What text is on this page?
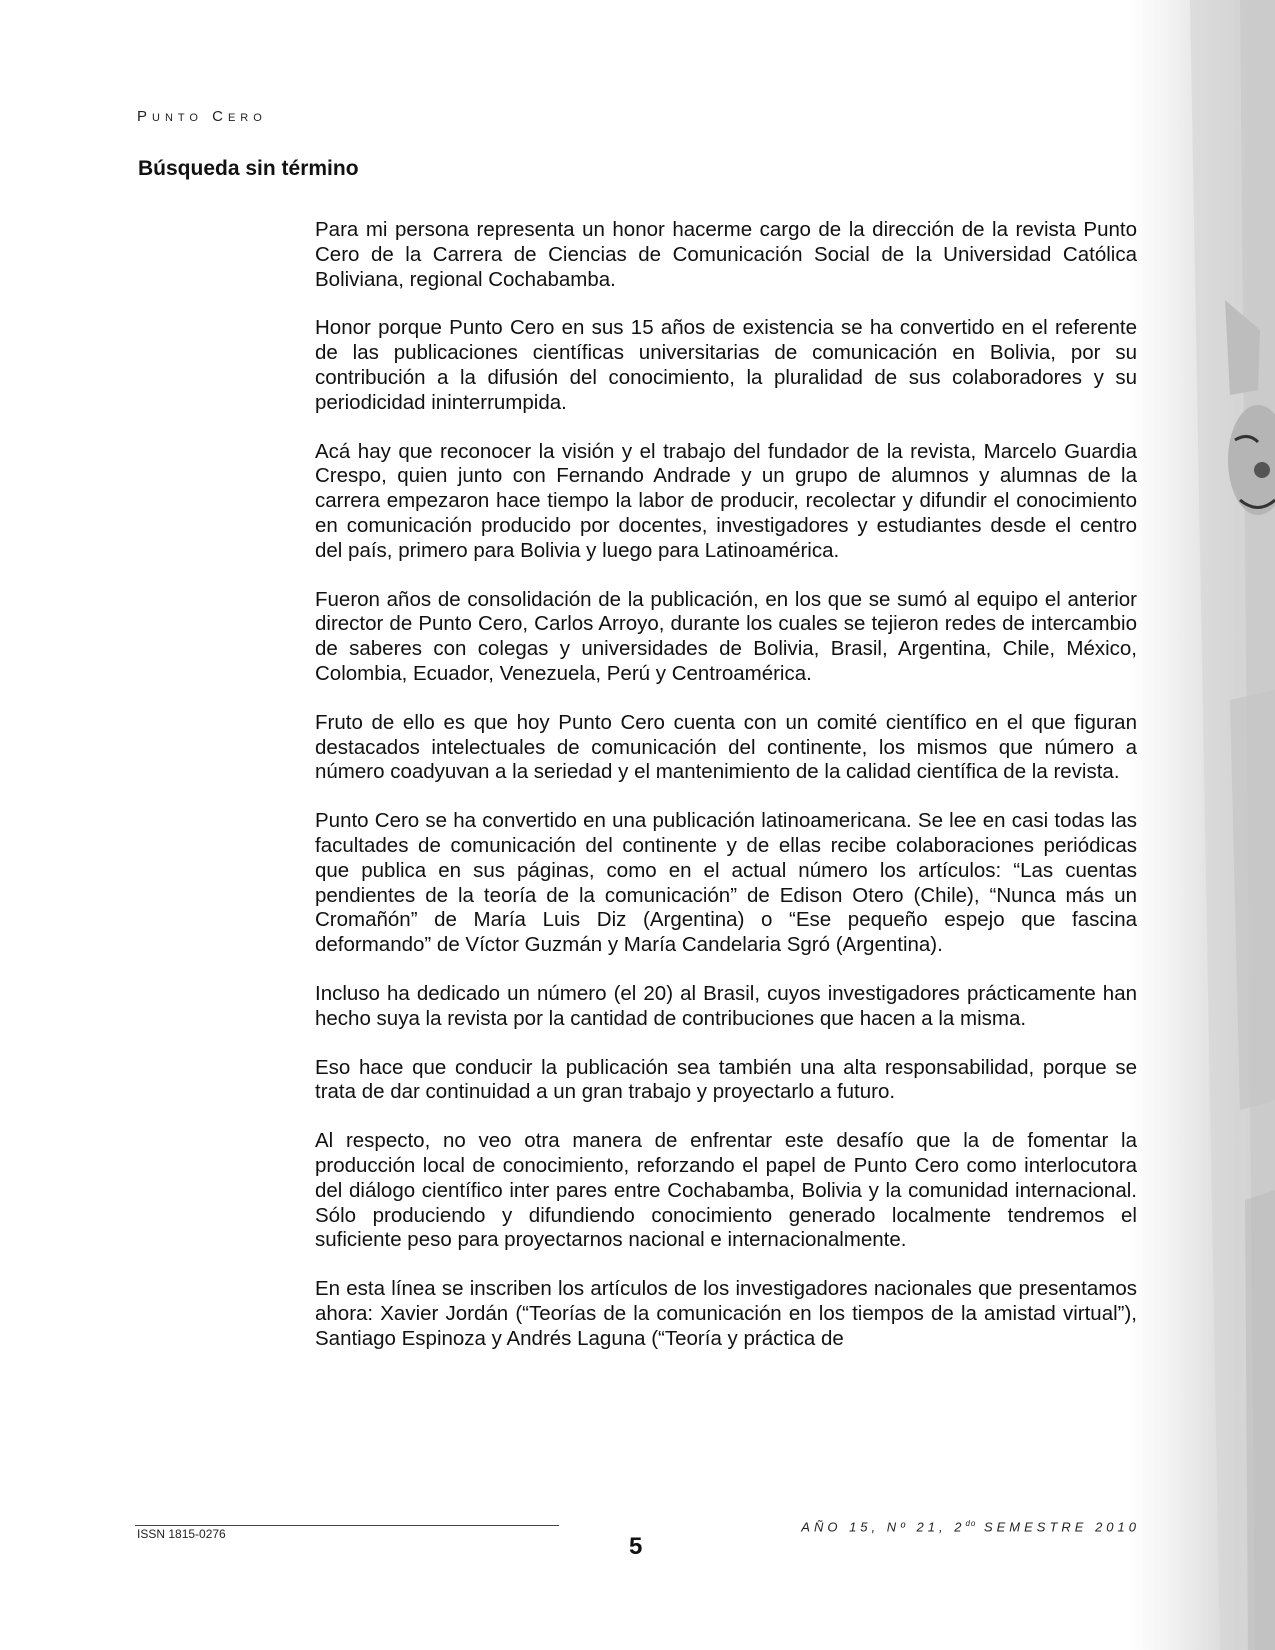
Punto Cero
Búsqueda sin término

Para mi persona representa un honor hacerme cargo de la dirección de la revista Punto Cero de la Carrera de Ciencias de Comunicación Social de la Universidad Católica Boliviana, regional Cochabamba.

Honor porque Punto Cero en sus 15 años de existencia se ha convertido en el referente de las publicaciones científicas universitarias de comunicación en Bolivia, por su contribución a la difusión del conocimiento, la pluralidad de sus colaboradores y su periodicidad ininterrumpida.

Acá hay que reconocer la visión y el trabajo del fundador de la revista, Marcelo Guardia Crespo, quien junto con Fernando Andrade y un grupo de alumnos y alumnas de la carrera empezaron hace tiempo la labor de producir, recolectar y difundir el conocimiento en comunicación producido por docentes, investigadores y estudiantes desde el centro del país, primero para Bolivia y luego para Latinoamérica.

Fueron años de consolidación de la publicación, en los que se sumó al equipo el anterior director de Punto Cero, Carlos Arroyo, durante los cuales se tejieron redes de intercambio de saberes con colegas y universidades de Bolivia, Brasil, Argentina, Chile, México, Colombia, Ecuador, Venezuela, Perú y Centroamérica.

Fruto de ello es que hoy Punto Cero cuenta con un comité científico en el que figuran destacados intelectuales de comunicación del continente, los mismos que número a número coadyuvan a la seriedad y el mantenimiento de la calidad científica de la revista.

Punto Cero se ha convertido en una publicación latinoamericana. Se lee en casi todas las facultades de comunicación del continente y de ellas recibe colaboraciones periódicas que publica en sus páginas, como en el actual número los artículos: “Las cuentas pendientes de la teoría de la comunicación” de Edison Otero (Chile), “Nunca más un Cromañón” de María Luis Diz (Argentina) o “Ese pequeño espejo que fascina deformando” de Víctor Guzmán y María Candelaria Sgró (Argentina).

Incluso ha dedicado un número (el 20) al Brasil, cuyos investigadores prácticamente han hecho suya la revista por la cantidad de contribuciones que hacen a la misma.

Eso hace que conducir la publicación sea también una alta responsabilidad, porque se trata de dar continuidad a un gran trabajo y proyectarlo a futuro.

Al respecto, no veo otra manera de enfrentar este desafío que la de fomentar la producción local de conocimiento, reforzando el papel de Punto Cero como interlocutora del diálogo científico inter pares entre Cochabamba, Bolivia y la comunidad internacional. Sólo produciendo y difundiendo conocimiento generado localmente tendremos el suficiente peso para proyectarnos nacional e internacionalmente.

En esta línea se inscriben los artículos de los investigadores nacionales que presentamos ahora: Xavier Jordán (“Teorías de la comunicación en los tiempos de la amistad virtual”), Santiago Espinoza y Andrés Laguna (“Teoría y práctica de

ISSN 1815-0276	5
AÑO 15, Nº 21, $2^{do}$ SEMESTRE 2010
